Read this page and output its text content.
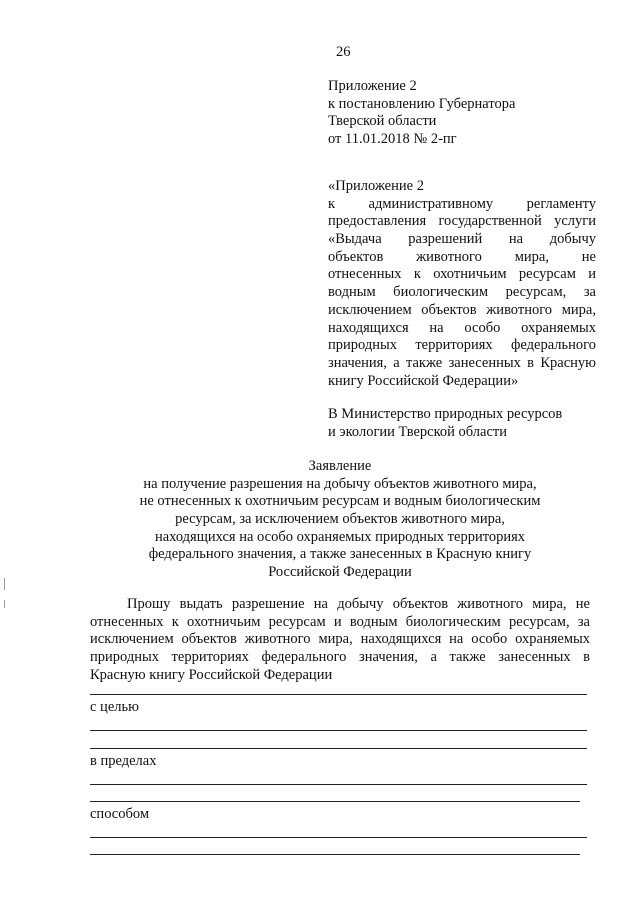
26
Приложение 2
к постановлению Губернатора
Тверской области
от 11.01.2018 № 2-пг
«Приложение 2
к административному регламенту
предоставления государственной услуги
«Выдача разрешений на добычу
объектов животного мира, не
отнесенных к охотничьим ресурсам и
водным биологическим ресурсам, за
исключением объектов животного мира,
находящихся на особо охраняемых
природных территориях федерального
значения, а также занесенных в Красную
книгу Российской Федерации»
В Министерство природных ресурсов
и экологии Тверской области
Заявление
на получение разрешения на добычу объектов животного мира,
не отнесенных к охотничьим ресурсам и водным биологическим
ресурсам, за исключением объектов животного мира,
находящихся на особо охраняемых природных территориях
федерального значения, а также занесенных в Красную книгу
Российской Федерации
Прошу выдать разрешение на добычу объектов животного мира, не
отнесенных к охотничьим ресурсам и водным биологическим ресурсам, за
исключением объектов животного мира, находящихся на особо охраняемых
природных территориях федерального значения, а также занесенных в
Красную книгу Российской Федерации
с целью
в пределах
способом
